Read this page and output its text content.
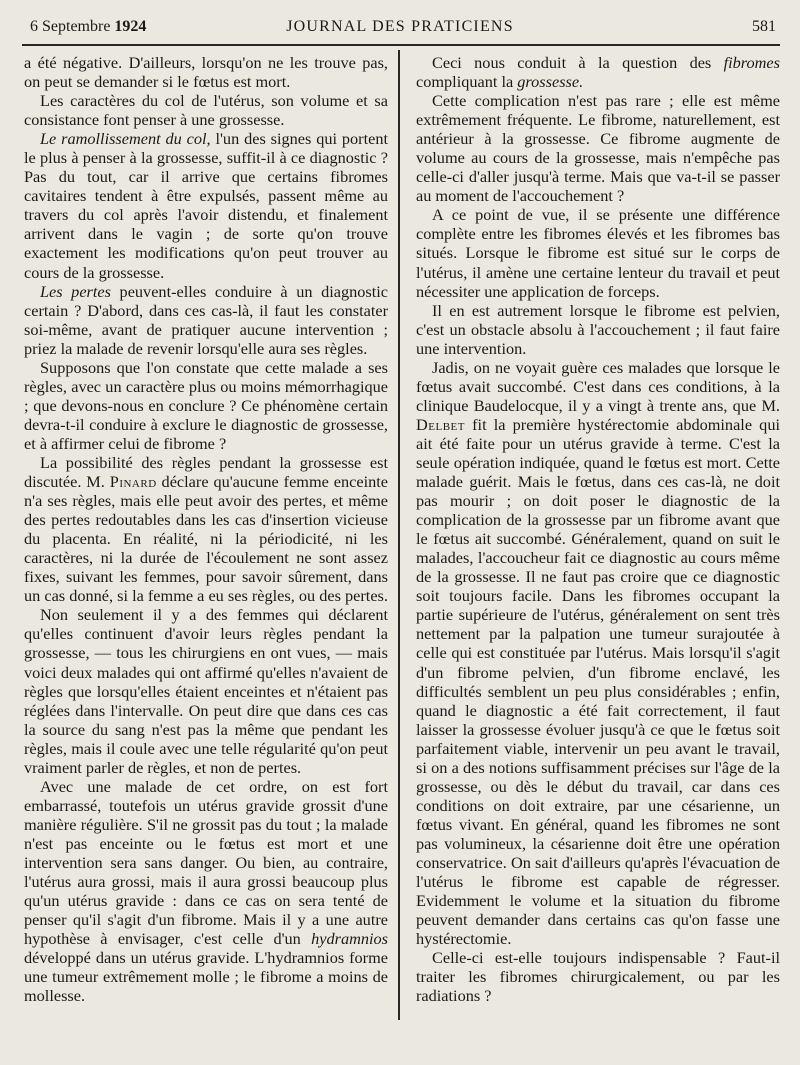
6 Septembre 1924	JOURNAL DES PRATICIENS	581

a été négative. D'ailleurs, lorsqu'on ne les trouve pas, on peut se demander si le fœtus est mort.

Les caractères du col de l'utérus, son volume et sa consistance font penser à une grossesse.

Le ramollissement du col, l'un des signes qui portent le plus à penser à la grossesse, suffit-il à ce diagnostic ? Pas du tout, car il arrive que certains fibromes cavitaires tendent à être expulsés, passent même au travers du col après l'avoir distendu, et finalement arrivent dans le vagin ; de sorte qu'on trouve exactement les modifications qu'on peut trouver au cours de la grossesse.

Les pertes peuvent-elles conduire à un diagnostic certain ? D'abord, dans ces cas-là, il faut les constater soi-même, avant de pratiquer aucune intervention ; priez la malade de revenir lorsqu'elle aura ses règles.

Supposons que l'on constate que cette malade a ses règles, avec un caractère plus ou moins mémorrhagique ; que devons-nous en conclure ? Ce phénomène certain devra-t-il conduire à exclure le diagnostic de grossesse, et à affirmer celui de fibrome ?

La possibilité des règles pendant la grossesse est discutée. M. Pinard déclare qu'aucune femme enceinte n'a ses règles, mais elle peut avoir des pertes, et même des pertes redoutables dans les cas d'insertion vicieuse du placenta. En réalité, ni la périodicité, ni les caractères, ni la durée de l'écoulement ne sont assez fixes, suivant les femmes, pour savoir sûrement, dans un cas donné, si la femme a eu ses règles, ou des pertes.

Non seulement il y a des femmes qui déclarent qu'elles continuent d'avoir leurs règles pendant la grossesse, — tous les chirurgiens en ont vues, — mais voici deux malades qui ont affirmé qu'elles n'avaient de règles que lorsqu'elles étaient enceintes et n'étaient pas réglées dans l'intervalle. On peut dire que dans ces cas la source du sang n'est pas la même que pendant les règles, mais il coule avec une telle régularité qu'on peut vraiment parler de règles, et non de pertes.

Avec une malade de cet ordre, on est fort embarrassé, toutefois un utérus gravide grossit d'une manière régulière. S'il ne grossit pas du tout ; la malade n'est pas enceinte ou le fœtus est mort et une intervention sera sans danger. Ou bien, au contraire, l'utérus aura grossi, mais il aura grossi beaucoup plus qu'un utérus gravide : dans ce cas on sera tenté de penser qu'il s'agit d'un fibrome. Mais il y a une autre hypothèse à envisager, c'est celle d'un hydramnios développé dans un utérus gravide. L'hydramnios forme une tumeur extrêmement molle ; le fibrome a moins de mollesse.

Ceci nous conduit à la question des fibromes compliquant la grossesse.

Cette complication n'est pas rare ; elle est même extrêmement fréquente. Le fibrome, naturellement, est antérieur à la grossesse. Ce fibrome augmente de volume au cours de la grossesse, mais n'empêche pas celle-ci d'aller jusqu'à terme. Mais que va-t-il se passer au moment de l'accouchement ?

A ce point de vue, il se présente une différence complète entre les fibromes élevés et les fibromes bas situés. Lorsque le fibrome est situé sur le corps de l'utérus, il amène une certaine lenteur du travail et peut nécessiter une application de forceps.

Il en est autrement lorsque le fibrome est pelvien, c'est un obstacle absolu à l'accouchement ; il faut faire une intervention.

Jadis, on ne voyait guère ces malades que lorsque le fœtus avait succombé. C'est dans ces conditions, à la clinique Baudelocque, il y a vingt à trente ans, que M. Delbet fit la première hystérectomie abdominale qui ait été faite pour un utérus gravide à terme. C'est la seule opération indiquée, quand le fœtus est mort. Cette malade guérit. Mais le fœtus, dans ces cas-là, ne doit pas mourir ; on doit poser le diagnostic de la complication de la grossesse par un fibrome avant que le fœtus ait succombé. Généralement, quand on suit le malades, l'accoucheur fait ce diagnostic au cours même de la grossesse. Il ne faut pas croire que ce diagnostic soit toujours facile. Dans les fibromes occupant la partie supérieure de l'utérus, généralement on sent très nettement par la palpation une tumeur surajoutée à celle qui est constituée par l'utérus. Mais lorsqu'il s'agit d'un fibrome pelvien, d'un fibrome enclavé, les difficultés semblent un peu plus considérables ; enfin, quand le diagnostic a été fait correctement, il faut laisser la grossesse évoluer jusqu'à ce que le fœtus soit parfaitement viable, intervenir un peu avant le travail, si on a des notions suffisamment précises sur l'âge de la grossesse, ou dès le début du travail, car dans ces conditions on doit extraire, par une césarienne, un fœtus vivant. En général, quand les fibromes ne sont pas volumineux, la césarienne doit être une opération conservatrice. On sait d'ailleurs qu'après l'évacuation de l'utérus le fibrome est capable de régresser. Evidemment le volume et la situation du fibrome peuvent demander dans certains cas qu'on fasse une hystérectomie.

Celle-ci est-elle toujours indispensable ? Faut-il traiter les fibromes chirurgicalement, ou par les radiations ?
